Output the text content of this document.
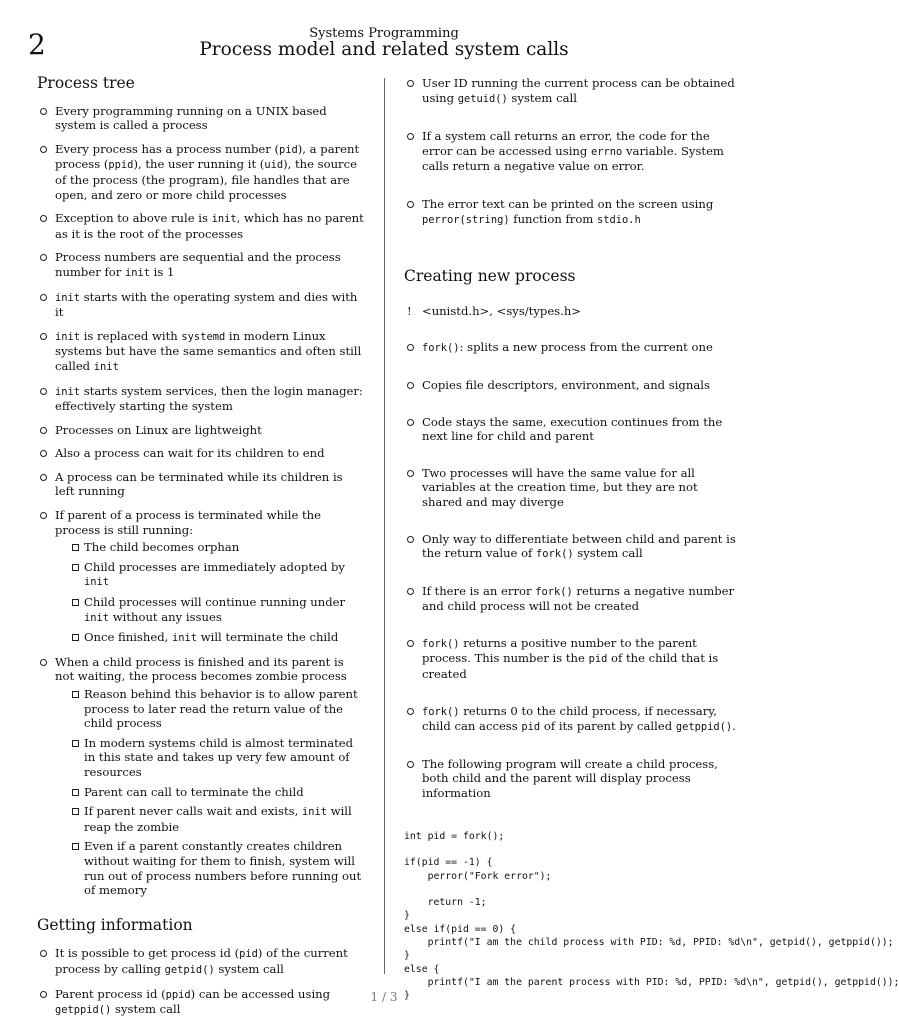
2	Systems Programming
Process model and related system calls
Process tree
Every programming running on a UNIX based system is called a process
Every process has a process number (pid), a parent process (ppid), the user running it (uid), the source of the process (the program), file handles that are open, and zero or more child processes
Exception to above rule is init, which has no parent as it is the root of the processes
Process numbers are sequential and the process number for init is 1
init starts with the operating system and dies with it
init is replaced with systemd in modern Linux systems but have the same semantics and often still called init
init starts system services, then the login manager: effectively starting the system
Processes on Linux are lightweight
Also a process can wait for its children to end
A process can be terminated while its children is left running
If parent of a process is terminated while the process is still running:
The child becomes orphan
Child processes are immediately adopted by init
Child processes will continue running under init without any issues
Once finished, init will terminate the child
When a child process is finished and its parent is not waiting, the process becomes zombie process
Reason behind this behavior is to allow parent process to later read the return value of the child process
In modern systems child is almost terminated in this state and takes up very few amount of resources
Parent can call to terminate the child
If parent never calls wait and exists, init will reap the zombie
Even if a parent constantly creates children without waiting for them to finish, system will run out of process numbers before running out of memory
Getting information
It is possible to get process id (pid) of the current process by calling getpid() system call
Parent process id (ppid) can be accessed using getppid() system call
User ID running the current process can be obtained using getuid() system call
If a system call returns an error, the code for the error can be accessed using errno variable. System calls return a negative value on error.
The error text can be printed on the screen using perror(string) function from stdio.h
Creating new process
! <unistd.h>, <sys/types.h>
fork(): splits a new process from the current one
Copies file descriptors, environment, and signals
Code stays the same, execution continues from the next line for child and parent
Two processes will have the same value for all variables at the creation time, but they are not shared and may diverge
Only way to differentiate between child and parent is the return value of fork() system call
If there is an error fork() returns a negative number and child process will not be created
fork() returns a positive number to the parent process. This number is the pid of the child that is created
fork() returns 0 to the child process, if necessary, child can access pid of its parent by called getppid().
The following program will create a child process, both child and the parent will display process information
int pid = fork();

if(pid == -1) {
perror("Fork error");

return -1;
}
else if(pid == 0) {
printf("I am the child process with PID: %d, PPID: %d\n", getpid(), getppid());
}
else {
printf("I am the parent process with PID: %d, PPID: %d\n", getpid(), getppid());
}
1 / 3
